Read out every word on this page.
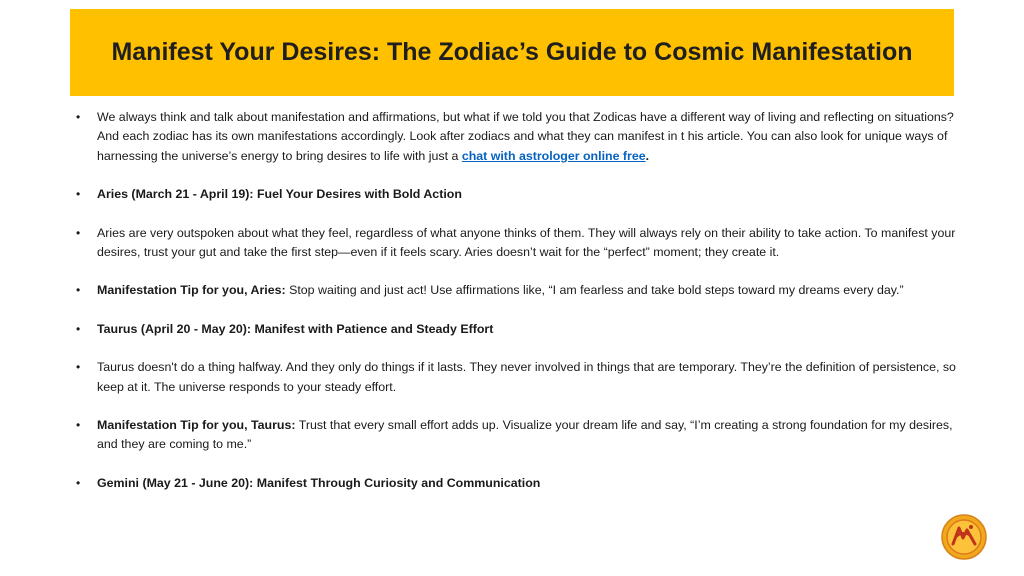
Manifest Your Desires: The Zodiac’s Guide to Cosmic Manifestation
• We always think and talk about manifestation and affirmations, but what if we told you that Zodicas have a different way of living and reflecting on situations? And each zodiac has its own manifestations accordingly. Look after zodiacs and what they can manifest in t his article. You can also look for unique ways of harnessing the universe’s energy to bring desires to life with just a chat with astrologer online free.
• Aries (March 21 - April 19): Fuel Your Desires with Bold Action
• Aries are very outspoken about what they feel, regardless of what anyone thinks of them. They will always rely on their ability to take action. To manifest your desires, trust your gut and take the first step—even if it feels scary. Aries doesn’t wait for the “perfect” moment; they create it.
• Manifestation Tip for you, Aries: Stop waiting and just act! Use affirmations like, “I am fearless and take bold steps toward my dreams every day.”
• Taurus (April 20 - May 20): Manifest with Patience and Steady Effort
• Taurus doesn't do a thing halfway. And they only do things if it lasts. They never involved in things that are temporary. They’re the definition of persistence, so keep at it. The universe responds to your steady effort.
• Manifestation Tip for you, Taurus: Trust that every small effort adds up. Visualize your dream life and say, “I’m creating a strong foundation for my desires, and they are coming to me.”
• Gemini (May 21 - June 20): Manifest Through Curiosity and Communication
